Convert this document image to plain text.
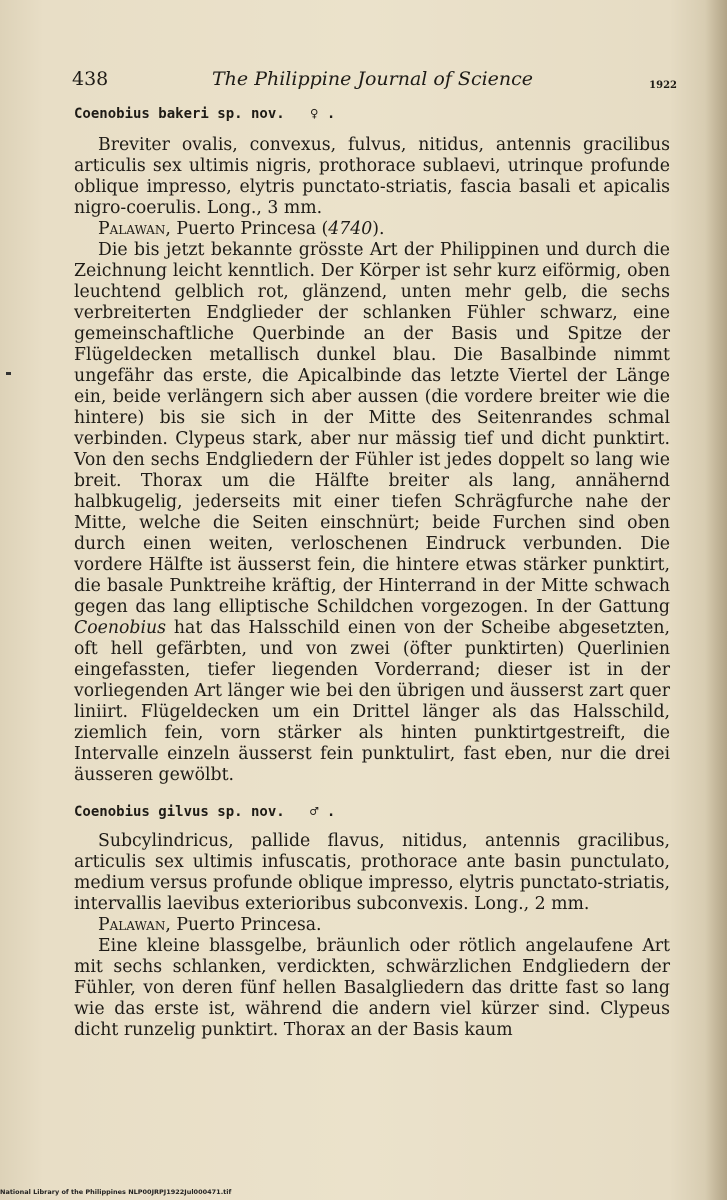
438	The Philippine Journal of Science	1922

Coenobius bakeri sp. nov. ♀ .

Breviter ovalis, convexus, fulvus, nitidus, antennis gracilibus articulis sex ultimis nigris, prothorace sublaevi, utrinque profunde oblique impresso, elytris punctato-striatis, fascia basali et apicalis nigro-coerulis. Long., 3 mm.

Palawan, Puerto Princesa (4740).

Die bis jetzt bekannte grösste Art der Philippinen und durch die Zeichnung leicht kenntlich. Der Körper ist sehr kurz eiförmig, oben leuchtend gelblich rot, glänzend, unten mehr gelb, die sechs verbreiterten Endglieder der schlanken Fühler schwarz, eine gemeinschaftliche Querbinde an der Basis und Spitze der Flügeldecken metallisch dunkel blau. Die Basalbinde nimmt ungefähr das erste, die Apicalbinde das letzte Viertel der Länge ein, beide verlängern sich aber aussen (die vordere breiter wie die hintere) bis sie sich in der Mitte des Seitenrandes schmal verbinden. Clypeus stark, aber nur mässig tief und dicht punktirt. Von den sechs Endgliedern der Fühler ist jedes doppelt so lang wie breit. Thorax um die Hälfte breiter als lang, annähernd halbkugelig, jederseits mit einer tiefen Schrägfurche nahe der Mitte, welche die Seiten einschnürt; beide Furchen sind oben durch einen weiten, verloschenen Eindruck verbunden. Die vordere Hälfte ist äusserst fein, die hintere etwas stärker punktirt, die basale Punktreihe kräftig, der Hinterrand in der Mitte schwach gegen das lang elliptische Schildchen vorgezogen. In der Gattung Coenobius hat das Halsschild einen von der Scheibe abgesetzten, oft hell gefärbten, und von zwei (öfter punktirten) Querlinien eingefassten, tiefer liegenden Vorderrand; dieser ist in der vorliegenden Art länger wie bei den übrigen und äusserst zart quer liniirt. Flügeldecken um ein Drittel länger als das Halsschild, ziemlich fein, vorn stärker als hinten punktirtgestreift, die Intervalle einzeln äusserst fein punktulirt, fast eben, nur die drei äusseren gewölbt.

Coenobius gilvus sp. nov. ♂ .

Subcylindricus, pallide flavus, nitidus, antennis gracilibus, articulis sex ultimis infuscatis, prothorace ante basin punctulato, medium versus profunde oblique impresso, elytris punctato-striatis, intervallis laevibus exterioribus subconvexis. Long., 2 mm.

Palawan, Puerto Princesa.

Eine kleine blassgelbe, bräunlich oder rötlich angelaufene Art mit sechs schlanken, verdickten, schwärzlichen Endgliedern der Fühler, von deren fünf hellen Basalgliedern das dritte fast so lang wie das erste ist, während die andern viel kürzer sind. Clypeus dicht runzelig punktirt. Thorax an der Basis kaum

National Library of the Philippines NLP00JRPJ1922Jul000471.tif
